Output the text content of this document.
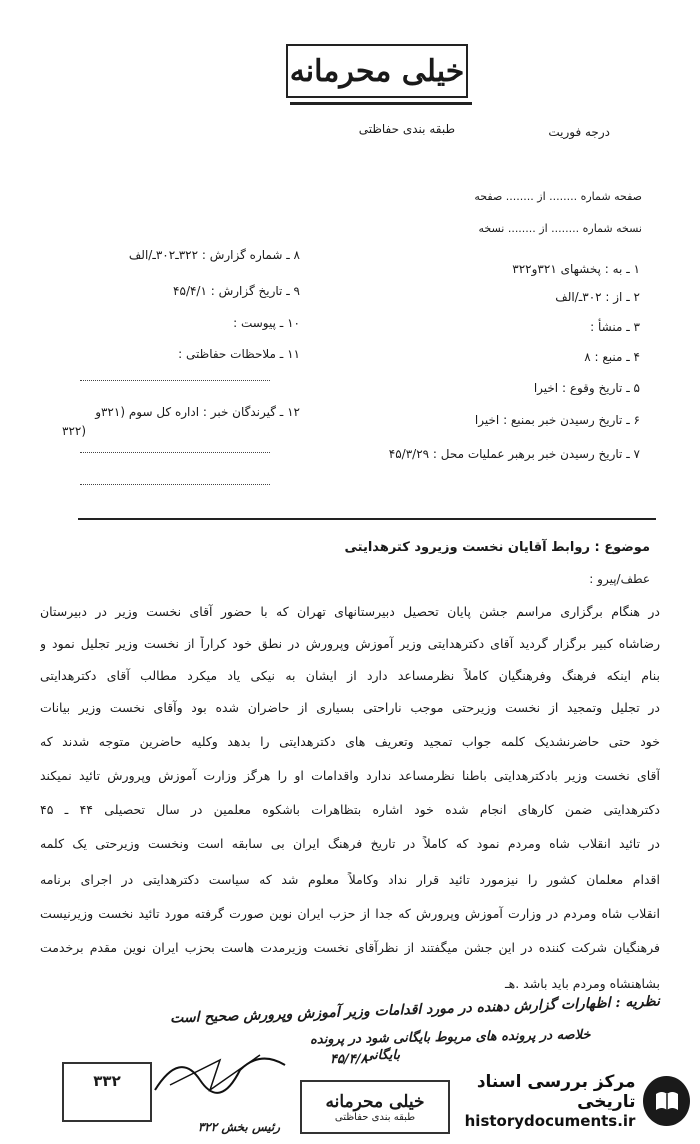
خیلی محرمانه
درجه فوریت
طبقه بندی حفاظتی
صفحه شماره ........ از ........ صفحه
نسخه شماره ........ از ........ نسخه
۱ ـ به : پخشهای ۳۲۱و۳۲۲
۲ ـ از : ۳۰۲ـ/الف
۳ ـ منشأ :
۴ ـ منبع : ۸
۵ ـ تاریخ وقوع : اخیرا
۶ ـ تاریخ رسیدن خبر بمنبع : اخیرا
۷ ـ تاریخ رسیدن خبر برهبر عملیات محل : ۴۵/۳/۲۹
۸ ـ شماره گزارش : ۳۲۲ـ۳۰۲ـ/الف
۹ ـ تاریخ گزارش : ۴۵/۴/۱
۱۰ ـ پیوست :
۱۱ ـ ملاحظات حفاظتی :
۱۲ ـ گیرندگان خبر : اداره کل سوم (۳۲۱و
۳۲۲)
موضوع : روابط آقایان نخست وزیرود کترهدایتی
عطف/پیرو :
در هنگام برگزاری مراسم جشن پایان تحصیل دبیرستانهای تهران که با حضور آقای نخست وزیر در دبیرستان
رضاشاه کبیر برگزار گردید آقای دکترهدایتی وزیر آموزش وپرورش در نطق خود کراراً از نخست وزیر تجلیل نمود و
بنام اینکه فرهنگ وفرهنگیان کاملاً نظرمساعد دارد از ایشان به نیکی یاد میکرد مطالب آقای دکترهدایتی
در تجلیل وتمجید از نخست وزیرحتی موجب ناراحتی بسیاری از حاضران شده بود وآقای نخست وزیر بیانات
خود حتی حاضرنشدیک کلمه جواب تمجید وتعریف های دکترهدایتی را بدهد وکلیه حاضرین متوجه شدند که
آقای نخست وزیر بادکترهدایتی باطنا نظرمساعد ندارد واقدامات او را هرگز وزارت آموزش وپرورش تائید نمیکند
دکترهدایتی ضمن کارهای انجام شده خود اشاره بتظاهرات باشکوه معلمین در سال تحصیلی ۴۴ ـ ۴۵
در تائید انقلاب شاه ومردم نمود که کاملاً در تاریخ فرهنگ ایران بی سابقه است ونخست وزیرحتی یک کلمه
اقدام معلمان کشور را نیزمورد تائید قرار نداد وکاملاً معلوم شد که سیاست دکترهدایتی در اجرای برنامه
انقلاب شاه ومردم در وزارت آموزش وپرورش که جدا از حزب ایران نوین صورت گرفته مورد تائید نخست وزیرنیست
فرهنگیان شرکت کننده در این جشن میگفتند از نظرآقای نخست وزیرمدت هاست بحزب ایران نوین مقدم برخدمت
بشاهنشاه ومردم باید باشد .هـ
نظریه : اظهارات گزارش دهنده در مورد اقدامات وزیر آموزش وپرورش صحیح است
خلاصه در پرونده های مربوط بایگانی شود در پرونده
۴۵/۴/۸
بایگانی
۳۳۲
رئیس بخش ۳۲۲
خیلی محرمانه
طبقه بندی حفاظتی
مرکز بررسی اسناد تاریخی
historydocuments.ir
